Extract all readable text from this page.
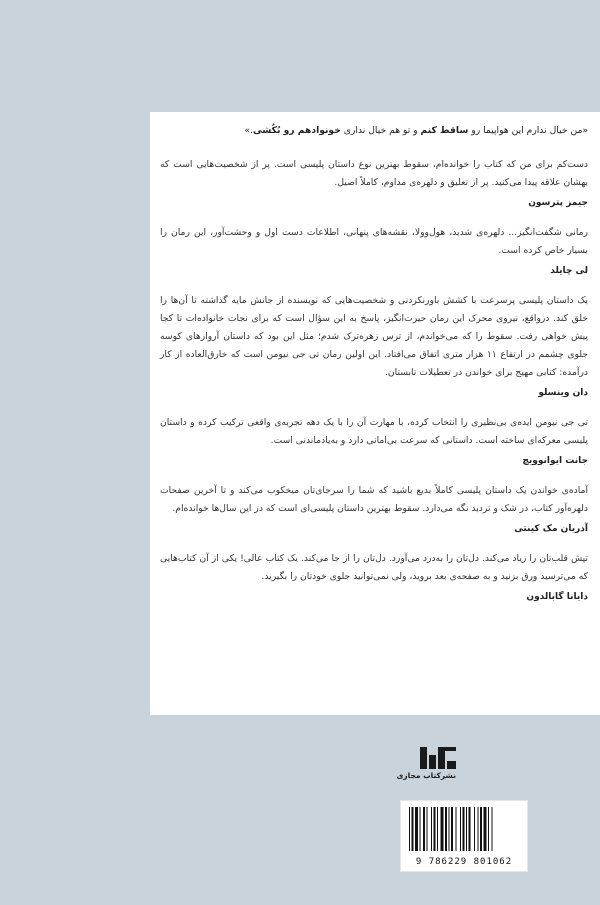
«من خیال ندارم این هواپیما رو ساقط کنم و تو هم خیال نداری خونوادهم رو بُکُشی.»

دست‌کم برای من که کتاب را خوانده‌ام، سقوط بهترین نوع داستان پلیسی است. پر از شخصیت‌هایی است که بهشان علاقه پیدا می‌کنید. پر از تعلیق و دلهره‌ی مداوم، کاملاً اصیل.

جیمز پترسون

رمانی شگفت‌انگیز... دلهره‌ی شدید، هول‌وولا، نقشه‌های پنهانی، اطلاعات دست اول و وحشت‌آور، این رمان را بسیار خاص کرده است.

لی چایلد

یک داستان پلیسی پرسرعت با کشش باورنکردنی و شخصیت‌هایی که نویسنده از جانش مایه گذاشته تا آن‌ها را خلق کند. درواقع، نیروی محرک این رمان حیرت‌انگیز، پاسخ به این سؤال است که برای نجات خانواده‌ات تا کجا پیش خواهی رفت. سقوط را که می‌خواندم، از ترس زهره‌ترک شدم؛ مثل این بود که داستان آروارهای کوسه جلوی چشمم در ارتفاع ۱۱ هزار متری اتفاق می‌افتاد. این اولین رمان تی جی نیومن است که خارق‌العاده از کار درآمده: کتابی مهیج برای خواندن در تعطیلات تابستان.

دان وینسلو

تی جی نیومن ایده‌ی بی‌نظیری را انتخاب کرده، با مهارت آن را با یک دهه تجربه‌ی واقعی ترکیب کرده و داستان پلیسی معرکه‌ای ساخته است. داستانی که سرعت بی‌امانی دارد و به‌یادماندنی است.

جانت ایوانوویچ

آماده‌ی خواندن یک داستان پلیسی کاملاً بدیع باشید که شما را سرجای‌تان میخکوب می‌کند و تا آخرین صفحات دلهره‌آور کتاب، در شک و تردید نگه می‌دارد. سقوط بهترین داستان پلیسی‌ای است که در این سال‌ها خوانده‌ام.

آدریان مک کینتی

تپش قلب‌تان را زیاد می‌کند. دل‌تان را به‌درد می‌آورد. دل‌تان را از جا می‌کند. یک کتاب عالی! یکی از آن کتاب‌هایی که می‌ترسید ورق بزنید و به صفحه‌ی بعد بروید، ولی نمی‌توانید جلوی خودتان را بگیرید.

دایانا گابالدون
نشرکتاب مجازی
9 786229 801062
